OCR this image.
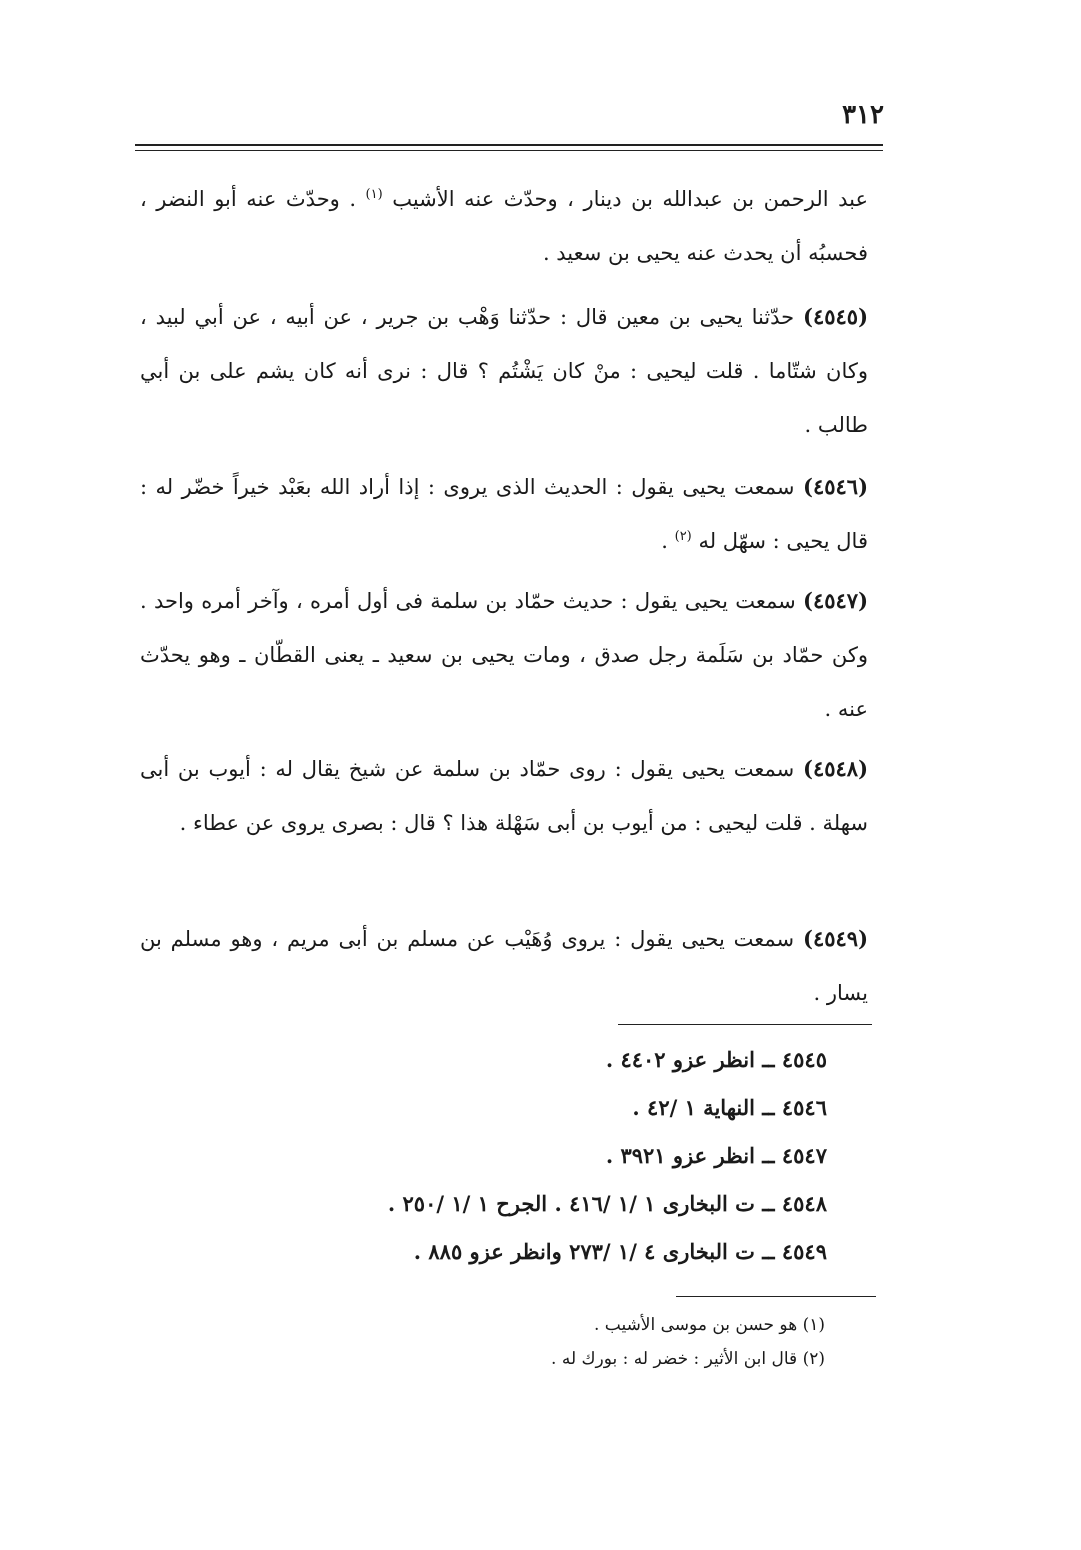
٣١٢

عبد الرحمن بن عبدالله بن دينار ، وحدّث عنه الأشيب $^{(١)}$ . وحدّث عنه أبو النضر ، فحسبُه أن يحدث عنه يحيى بن سعيد .

(٤٥٤٥) حدّثنا يحيى بن معين قال : حدّثنا وَهْب بن جرير ، عن أبيه ، عن أبي لبيد ، وكان شتّاما . قلت ليحيى : منْ كان يَشْتُم ؟ قال : نرى أنه كان يشم على بن أبي طالب .

(٤٥٤٦) سمعت يحيى يقول : الحديث الذى يروى : إذا أراد الله بعَبْد خيراً خضّر له : قال يحيى : سهّل له $^{(٢)}$ .

(٤٥٤٧) سمعت يحيى يقول : حديث حمّاد بن سلمة فى أول أمره ، وآخر أمره واحد . وكن حمّاد بن سَلَمة رجل صدق ، ومات يحيى بن سعيد ـ يعنى القطّان ـ وهو يحدّث عنه .

(٤٥٤٨) سمعت يحيى يقول : روى حمّاد بن سلمة عن شيخ يقال له : أيوب بن أبى سهلة . قلت ليحيى : من أيوب بن أبى سَهْلة هذا ؟ قال : بصرى يروى عن عطاء .

(٤٥٤٩) سمعت يحيى يقول : يروى وُهَيْب عن مسلم بن أبى مريم ، وهو مسلم بن يسار .

٤٥٤٥ ــ انظر عزو ٤٤٠٢ .
٤٥٤٦ ــ النهاية ١ /٤٢ .
٤٥٤٧ ــ انظر عزو ٣٩٢١ .
٤٥٤٨ ــ ت البخارى ١ /١ /٤١٦ . الجرح ١ /١ /٢٥٠ .
٤٥٤٩ ــ ت البخارى ٤ /١ /٢٧٣ وانظر عزو ٨٨٥ .
(١) هو حسن بن موسى الأشيب .
(٢) قال ابن الأثير : خضر له : بورك له .
